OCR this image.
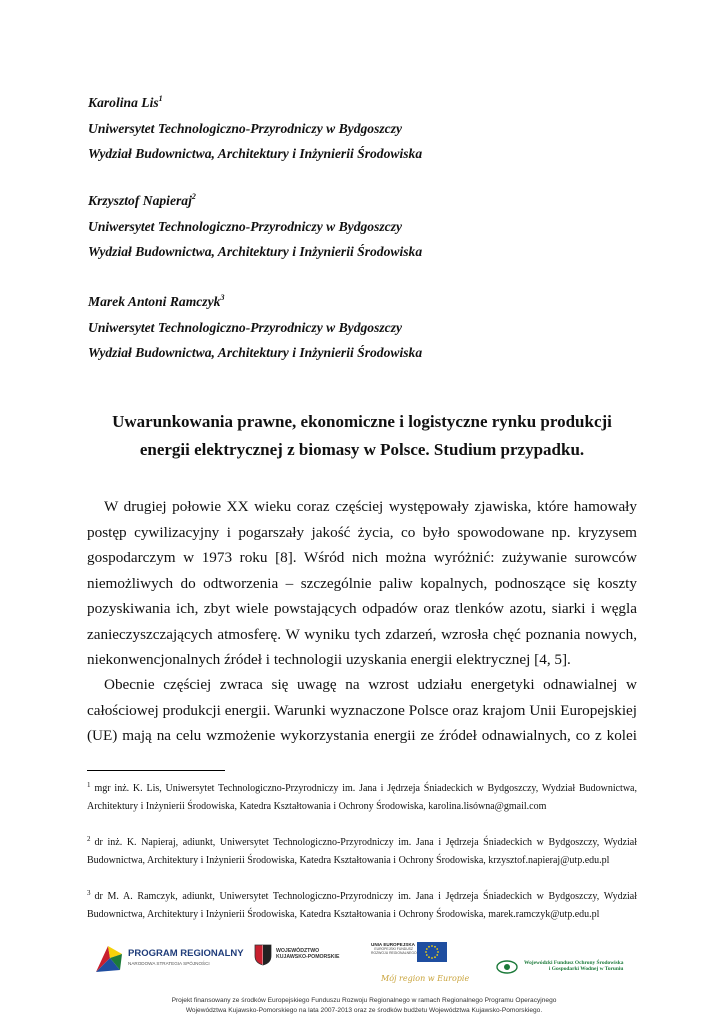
Karolina Lis$^1$
Uniwersytet Technologiczno-Przyrodniczy w Bydgoszczy
Wydział Budownictwa, Architektury i Inżynierii Środowiska
Krzysztof Napieraj$^2$
Uniwersytet Technologiczno-Przyrodniczy w Bydgoszczy
Wydział Budownictwa, Architektury i Inżynierii Środowiska
Marek Antoni Ramczyk$^3$
Uniwersytet Technologiczno-Przyrodniczy w Bydgoszczy
Wydział Budownictwa, Architektury i Inżynierii Środowiska
Uwarunkowania prawne, ekonomiczne i logistyczne rynku produkcji
energii elektrycznej z biomasy w Polsce. Studium przypadku.
W drugiej połowie XX wieku coraz częściej występowały zjawiska, które hamowały
postęp cywilizacyjny i pogarszały jakość życia, co było spowodowane np. kryzysem
gospodarczym w 1973 roku [8]. Wśród nich można wyróżnić: zużywanie surowców
niemożliwych do odtworzenia – szczególnie paliw kopalnych, podnoszące się koszty
pozyskiwania ich, zbyt wiele powstających odpadów oraz tlenków azotu, siarki i węgla
zanieczyszczających atmosferę. W wyniku tych zdarzeń, wzrosła chęć poznania nowych,
niekonwencjonalnych źródeł i technologii uzyskania energii elektrycznej [4, 5].
Obecnie częściej zwraca się uwagę na wzrost udziału energetyki odnawialnej w
całościowej produkcji energii. Warunki wyznaczone Polsce oraz krajom Unii Europejskiej
(UE) mają na celu wzmożenie wykorzystania energii ze źródeł odnawialnych, co z kolei
$^1$ mgr inż. K. Lis, Uniwersytet Technologiczno-Przyrodniczy im. Jana i Jędrzeja Śniadeckich w Bydgoszczy, Wydział Budownictwa,
Architektury i Inżynierii Środowiska, Katedra Kształtowania i Ochrony Środowiska, karolina.lisówna@gmail.com
$^2$ dr inż. K. Napieraj, adiunkt, Uniwersytet Technologiczno-Przyrodniczy im. Jana i Jędrzeja Śniadeckich w Bydgoszczy, Wydział
Budownictwa, Architektury i Inżynierii Środowiska, Katedra Kształtowania i Ochrony Środowiska, krzysztof.napieraj@utp.edu.pl
$^3$ dr M. A. Ramczyk, adiunkt, Uniwersytet Technologiczno-Przyrodniczy im. Jana i Jędrzeja Śniadeckich w Bydgoszczy, Wydział
Budownictwa, Architektury i Inżynierii Środowiska, Katedra Kształtowania i Ochrony Środowiska, marek.ramczyk@utp.edu.pl
PROGRAM REGIONALNY
NARODOWA STRATEGIA SPÓJNOŚCI
WOJEWÓDZTWO
KUJAWSKO-POMORSKIE
UNIA EUROPEJSKA
EUROPEJSKI FUNDUSZ
ROZWOJU REGIONALNEGO
Mój region w Europie
Wojewódzki Fundusz Ochrony Środowiska
i Gospodarki Wodnej w Toruniu
Projekt finansowany ze środków Europejskiego Funduszu Rozwoju Regionalnego w ramach Regionalnego Programu Operacyjnego
Województwa Kujawsko-Pomorskiego na lata 2007-2013 oraz ze środków budżetu Województwa Kujawsko-Pomorskiego.
